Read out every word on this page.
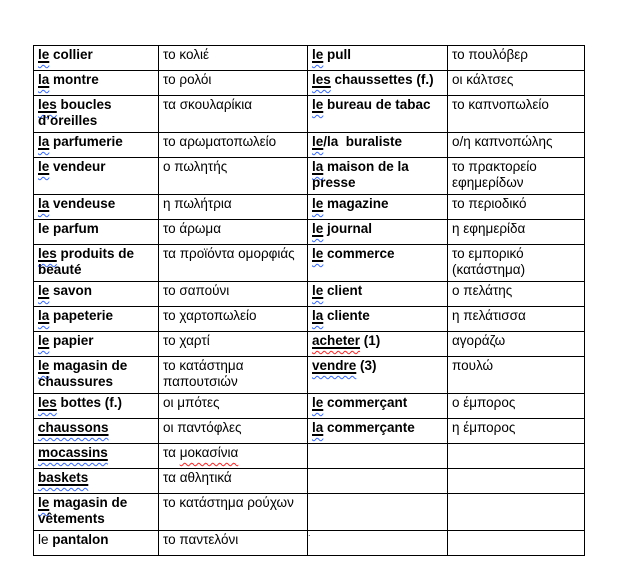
le collier	το κολιέ	le pull	το πουλόβερ
la montre	το ρολόι	les chaussettes (f.)	οι κάλτσες
les boucles d’oreilles	τα σκουλαρίκια	le bureau de tabac	το καπνοπωλείο
la parfumerie	το αρωματοπωλείο	le/la  buraliste	ο/η καπνοπώλης
le vendeur	ο πωλητής	la maison de la presse	το πρακτορείο εφημερίδων
la vendeuse	η πωλήτρια	le magazine	το περιοδικό
le parfum	το άρωμα	le journal	η εφημερίδα
les produits de beauté	τα προϊόντα ομορφιάς	le commerce	το εμπορικό (κατάστημα)
le savon	το σαπούνι	le client	ο πελάτης
la papeterie	το χαρτοπωλείο	la cliente	η πελάτισσα
le papier	το χαρτί	acheter (1)	αγοράζω
le magasin de chaussures	το κατάστημα παπουτσιών	vendre (3)	πουλώ
les bottes (f.)	οι μπότες	le commerçant	ο έμπορος
chaussons	οι παντόφλες	la commerçante	η έμπορος
mocassins	τα μοκασίνια		
baskets	τα αθλητικά		
le magasin de vêtements	το κατάστημα ρούχων		
le pantalon	το παντελόνι			.
